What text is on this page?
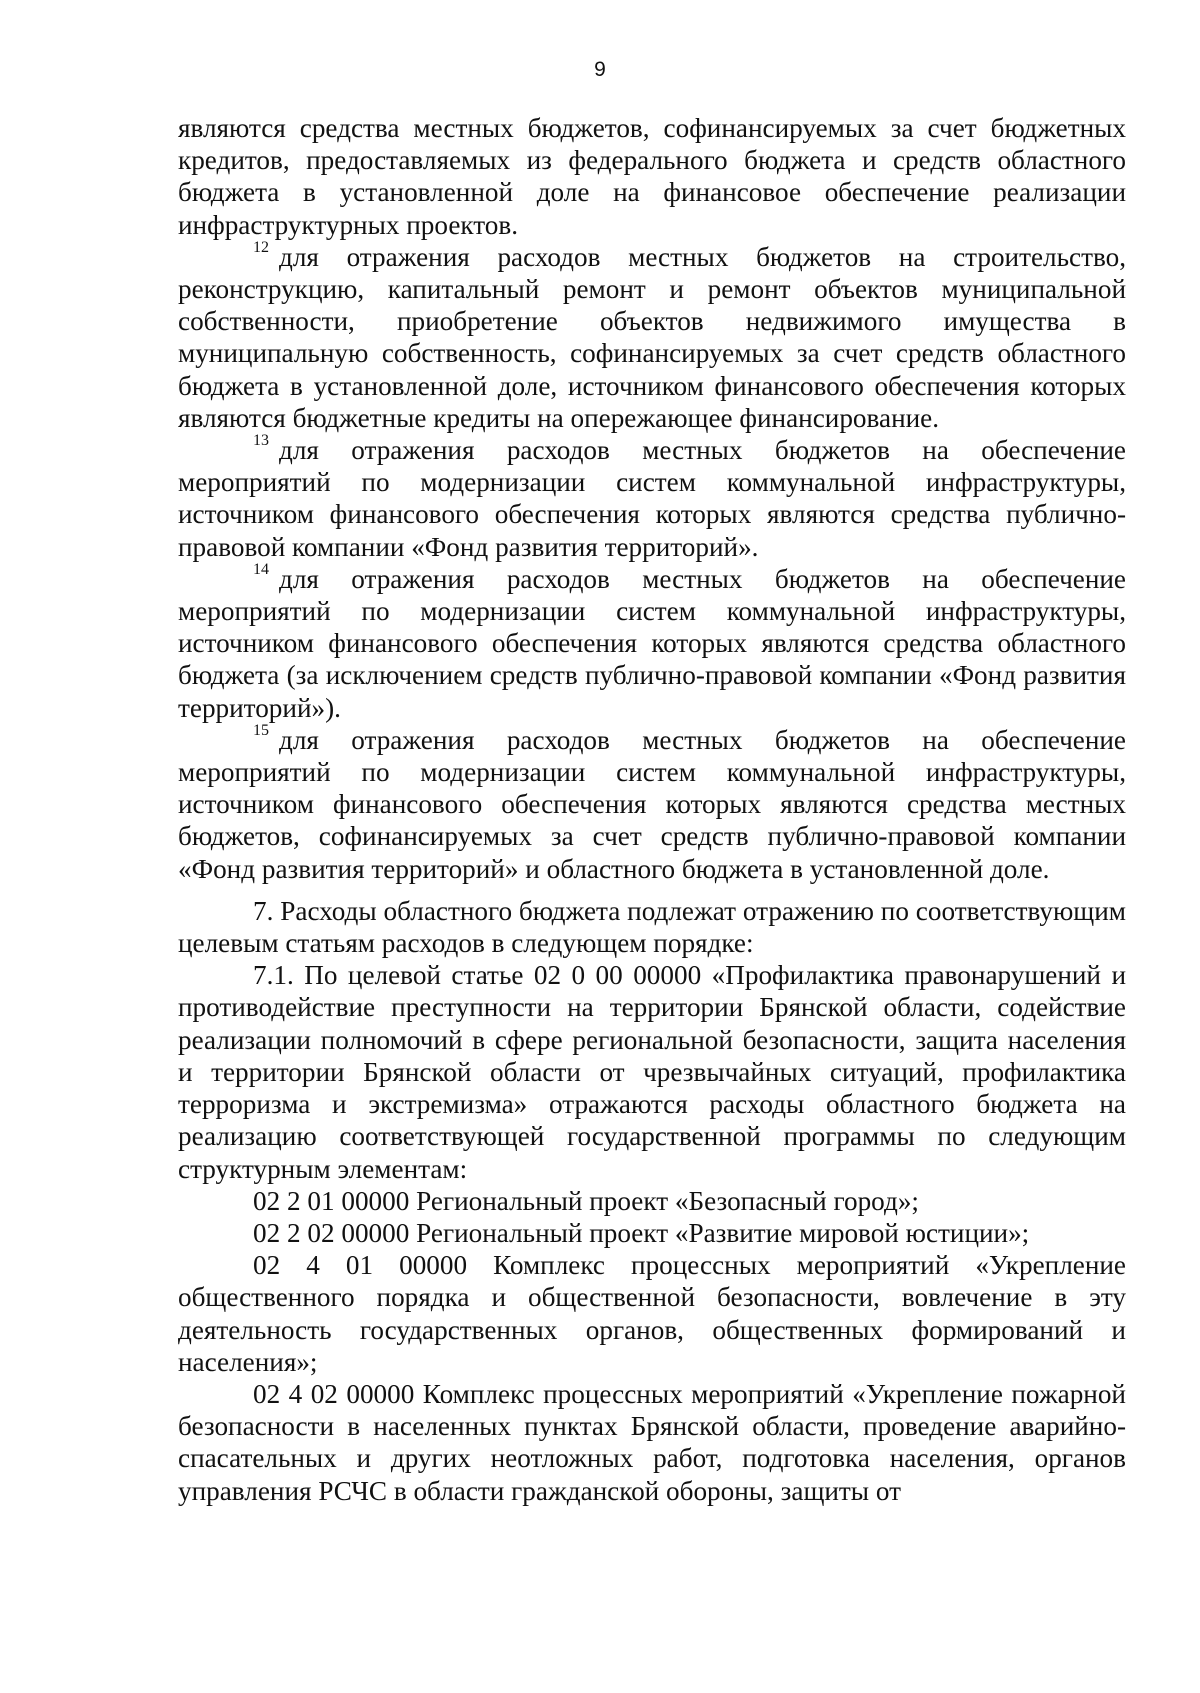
9

являются средства местных бюджетов, софинансируемых за счет бюджетных кредитов, предоставляемых из федерального бюджета и средств областного бюджета в установленной доле на финансовое обеспечение реализации инфраструктурных проектов.

$^{12}$ для отражения расходов местных бюджетов на строительство, реконструкцию, капитальный ремонт и ремонт объектов муниципальной собственности, приобретение объектов недвижимого имущества в муниципальную собственность, софинансируемых за счет средств областного бюджета в установленной доле, источником финансового обеспечения которых являются бюджетные кредиты на опережающее финансирование.

$^{13}$ для отражения расходов местных бюджетов на обеспечение мероприятий по модернизации систем коммунальной инфраструктуры, источником финансового обеспечения которых являются средства публично-правовой компании «Фонд развития территорий».

$^{14}$ для отражения расходов местных бюджетов на обеспечение мероприятий по модернизации систем коммунальной инфраструктуры, источником финансового обеспечения которых являются средства областного бюджета (за исключением средств публично-правовой компании «Фонд развития территорий»).

$^{15}$ для отражения расходов местных бюджетов на обеспечение мероприятий по модернизации систем коммунальной инфраструктуры, источником финансового обеспечения которых являются средства местных бюджетов, софинансируемых за счет средств публично-правовой компании «Фонд развития территорий» и областного бюджета в установленной доле.

7. Расходы областного бюджета подлежат отражению по соответствующим целевым статьям расходов в следующем порядке:

7.1. По целевой статье 02 0 00 00000 «Профилактика правонарушений и противодействие преступности на территории Брянской области, содействие реализации полномочий в сфере региональной безопасности, защита населения и территории Брянской области от чрезвычайных ситуаций, профилактика терроризма и экстремизма» отражаются расходы областного бюджета на реализацию соответствующей государственной программы по следующим структурным элементам:

02 2 01 00000 Региональный проект «Безопасный город»;

02 2 02 00000 Региональный проект «Развитие мировой юстиции»;

02 4 01 00000 Комплекс процессных мероприятий «Укрепление общественного порядка и общественной безопасности, вовлечение в эту деятельность государственных органов, общественных формирований и населения»;

02 4 02 00000 Комплекс процессных мероприятий «Укрепление пожарной безопасности в населенных пунктах Брянской области, проведение аварийно-спасательных и других неотложных работ, подготовка населения, органов управления РСЧС в области гражданской обороны, защиты от
